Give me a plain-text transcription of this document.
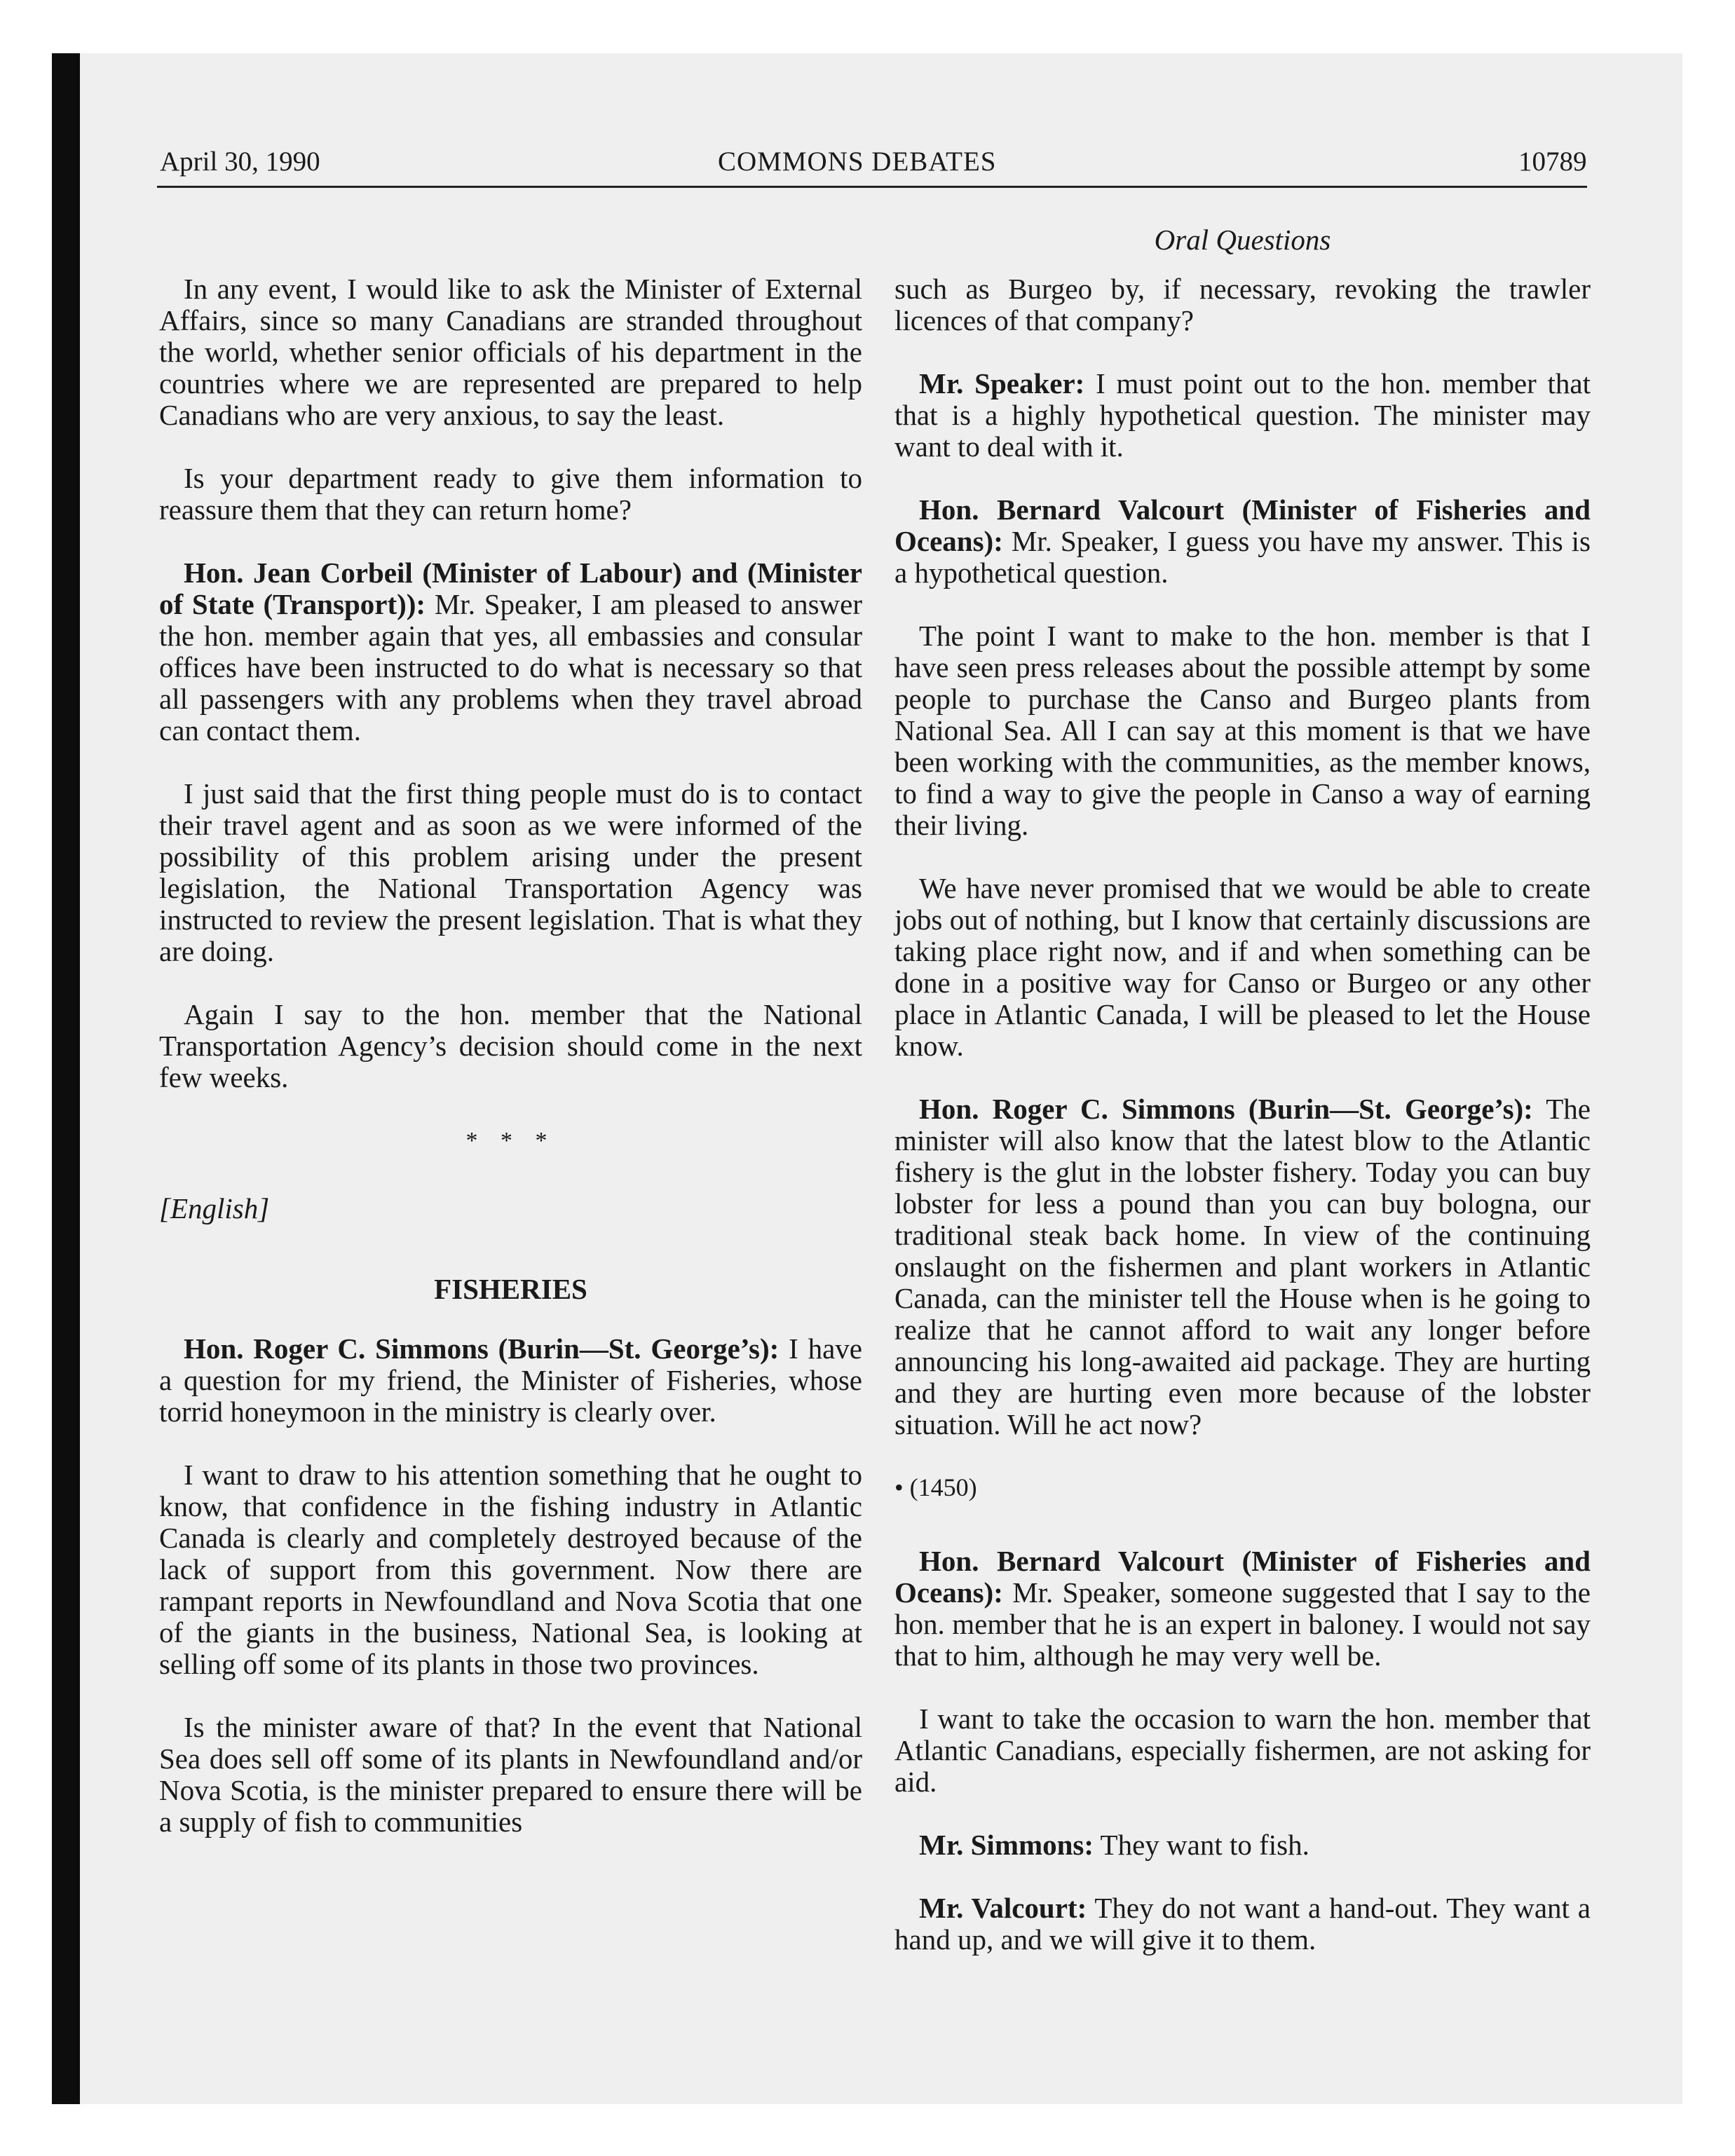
April 30, 1990	COMMONS DEBATES	10789
Oral Questions

In any event, I would like to ask the Minister of External Affairs, since so many Canadians are stranded throughout the world, whether senior officials of his department in the countries where we are represented are prepared to help Canadians who are very anxious, to say the least.

Is your department ready to give them information to reassure them that they can return home?

Hon. Jean Corbeil (Minister of Labour) and (Minister of State (Transport)): Mr. Speaker, I am pleased to answer the hon. member again that yes, all embassies and consular offices have been instructed to do what is necessary so that all passengers with any problems when they travel abroad can contact them.

I just said that the first thing people must do is to contact their travel agent and as soon as we were informed of the possibility of this problem arising under the present legislation, the National Transportation Agency was instructed to review the present legislation. That is what they are doing.

Again I say to the hon. member that the National Transportation Agency’s decision should come in the next few weeks.

* * *
[English]
FISHERIES

Hon. Roger C. Simmons (Burin—St. George’s): I have a question for my friend, the Minister of Fisheries, whose torrid honeymoon in the ministry is clearly over.

I want to draw to his attention something that he ought to know, that confidence in the fishing industry in Atlantic Canada is clearly and completely destroyed because of the lack of support from this government. Now there are rampant reports in Newfoundland and Nova Scotia that one of the giants in the business, National Sea, is looking at selling off some of its plants in those two provinces.

Is the minister aware of that? In the event that National Sea does sell off some of its plants in Newfoundland and/or Nova Scotia, is the minister prepared to ensure there will be a supply of fish to communities

such as Burgeo by, if necessary, revoking the trawler licences of that company?

Mr. Speaker: I must point out to the hon. member that that is a highly hypothetical question. The minister may want to deal with it.

Hon. Bernard Valcourt (Minister of Fisheries and Oceans): Mr. Speaker, I guess you have my answer. This is a hypothetical question.

The point I want to make to the hon. member is that I have seen press releases about the possible attempt by some people to purchase the Canso and Burgeo plants from National Sea. All I can say at this moment is that we have been working with the communities, as the member knows, to find a way to give the people in Canso a way of earning their living.

We have never promised that we would be able to create jobs out of nothing, but I know that certainly discussions are taking place right now, and if and when something can be done in a positive way for Canso or Burgeo or any other place in Atlantic Canada, I will be pleased to let the House know.

Hon. Roger C. Simmons (Burin—St. George’s): The minister will also know that the latest blow to the Atlantic fishery is the glut in the lobster fishery. Today you can buy lobster for less a pound than you can buy bologna, our traditional steak back home. In view of the continuing onslaught on the fishermen and plant workers in Atlantic Canada, can the minister tell the House when is he going to realize that he cannot afford to wait any longer before announcing his long-awaited aid package. They are hurting and they are hurting even more because of the lobster situation. Will he act now?

• (1450)

Hon. Bernard Valcourt (Minister of Fisheries and Oceans): Mr. Speaker, someone suggested that I say to the hon. member that he is an expert in baloney. I would not say that to him, although he may very well be.

I want to take the occasion to warn the hon. member that Atlantic Canadians, especially fishermen, are not asking for aid.

Mr. Simmons: They want to fish.

Mr. Valcourt: They do not want a hand-out. They want a hand up, and we will give it to them.
